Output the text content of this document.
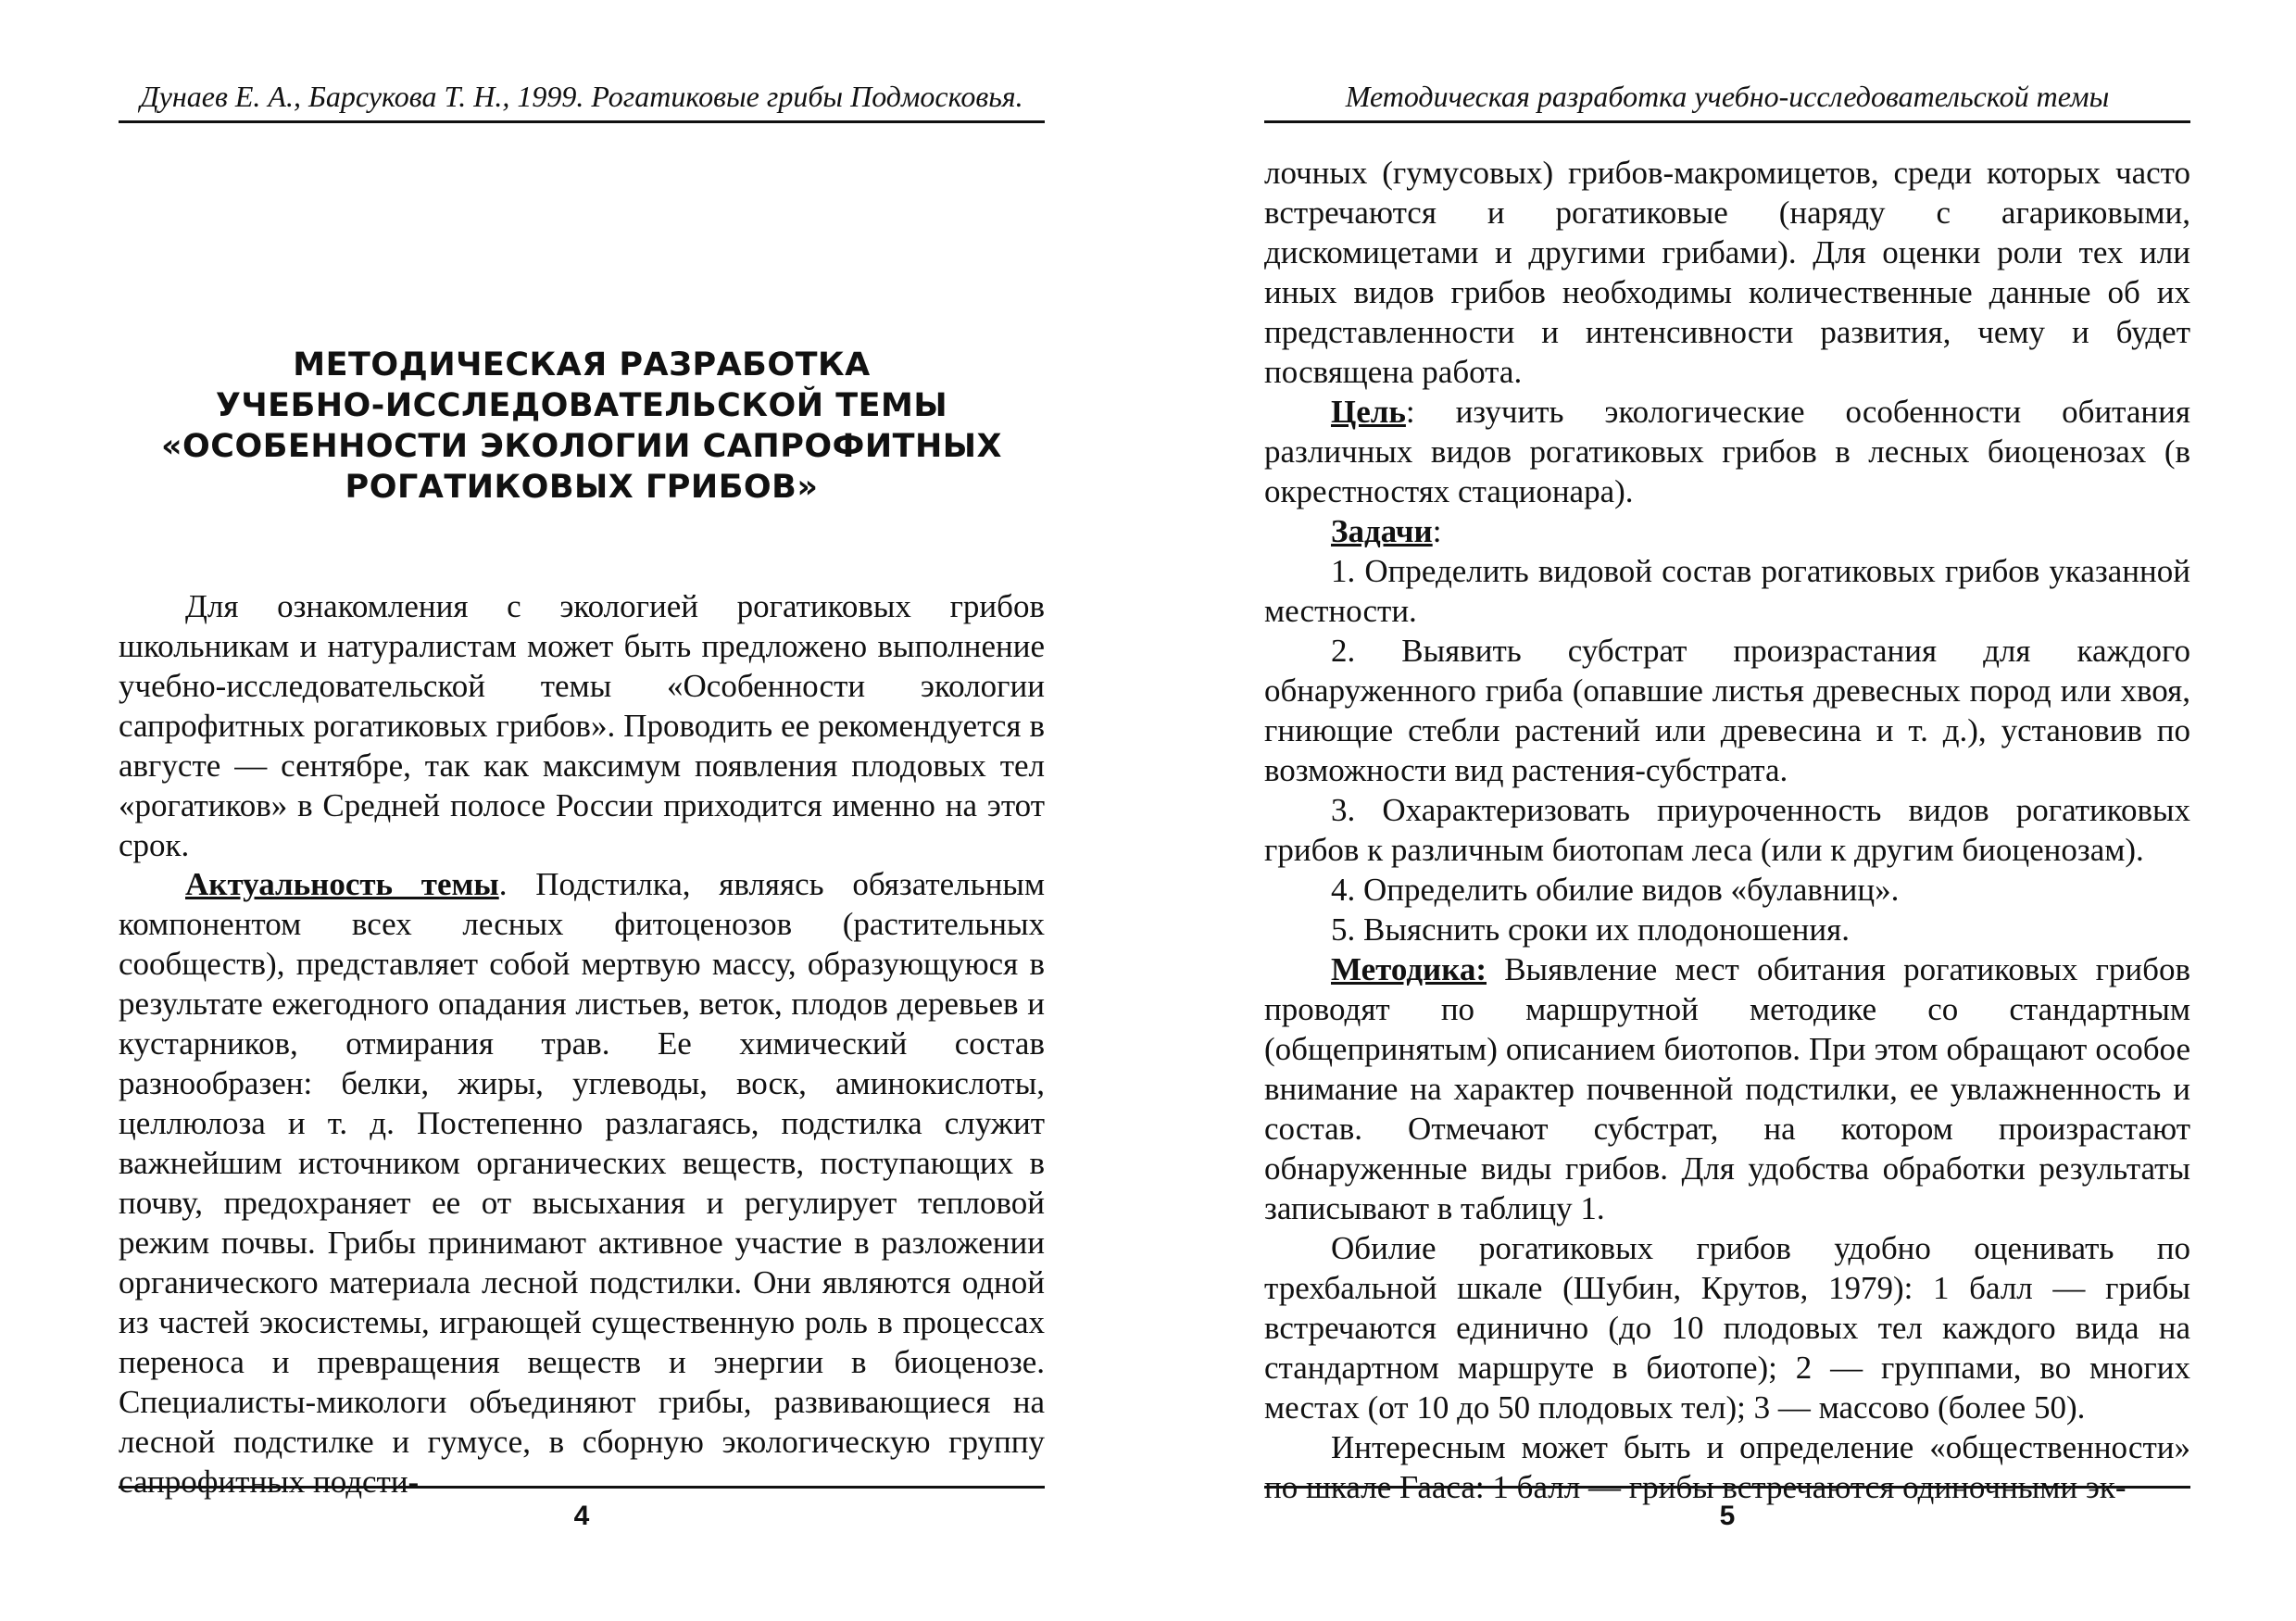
Дунаев Е. А., Барсукова Т. Н., 1999. Рогатиковые грибы Подмосковья.
МЕТОДИЧЕСКАЯ РАЗРАБОТКА
УЧЕБНО-ИССЛЕДОВАТЕЛЬСКОЙ ТЕМЫ
«ОСОБЕННОСТИ ЭКОЛОГИИ САПРОФИТНЫХ
РОГАТИКОВЫХ ГРИБОВ»

Для ознакомления с экологией рогатиковых грибов школьникам и натуралистам может быть предложено выполнение учебно-исследовательской темы «Особенности экологии сапрофитных рогатиковых грибов». Проводить ее рекомендуется в августе — сентябре, так как максимум появления плодовых тел «рогатиков» в Средней полосе России приходится именно на этот срок.

Актуальность темы. Подстилка, являясь обязательным компонентом всех лесных фитоценозов (растительных сообществ), представляет собой мертвую массу, образующуюся в результате ежегодного опадания листьев, веток, плодов деревьев и кустарников, отмирания трав. Ее химический состав разнообразен: белки, жиры, углеводы, воск, аминокислоты, целлюлоза и т. д. Постепенно разлагаясь, подстилка служит важнейшим источником органических веществ, поступающих в почву, предохраняет ее от высыхания и регулирует тепловой режим почвы. Грибы принимают активное участие в разложении органического материала лесной подстилки. Они являются одной из частей экосистемы, играющей существенную роль в процессах переноса и превращения веществ и энергии в биоценозе. Специалисты-микологи объединяют грибы, развивающиеся на лесной подстилке и гумусе, в сборную экологическую группу сапрофитных подсти-

4
Методическая разработка учебно-исследовательской темы

лочных (гумусовых) грибов-макромицетов, среди которых часто встречаются и рогатиковые (наряду с агариковыми, дискомицетами и другими грибами). Для оценки роли тех или иных видов грибов необходимы количественные данные об их представленности и интенсивности развития, чему и будет посвящена работа.

Цель: изучить экологические особенности обитания различных видов рогатиковых грибов в лесных биоценозах (в окрестностях стационара).

Задачи:

1. Определить видовой состав рогатиковых грибов указанной местности.

2. Выявить субстрат произрастания для каждого обнаруженного гриба (опавшие листья древесных пород или хвоя, гниющие стебли растений или древесина и т. д.), установив по возможности вид растения-субстрата.

3. Охарактеризовать приуроченность видов рогатиковых грибов к различным биотопам леса (или к другим биоценозам).

4. Определить обилие видов «булавниц».

5. Выяснить сроки их плодоношения.

Методика: Выявление мест обитания рогатиковых грибов проводят по маршрутной методике со стандартным (общепринятым) описанием биотопов. При этом обращают особое внимание на характер почвенной подстилки, ее увлажненность и состав. Отмечают субстрат, на котором произрастают обнаруженные виды грибов. Для удобства обработки результаты записывают в таблицу 1.

Обилие рогатиковых грибов удобно оценивать по трехбальной шкале (Шубин, Крутов, 1979): 1 балл — грибы встречаются единично (до 10 плодовых тел каждого вида на стандартном маршруте в биотопе); 2 — группами, во многих местах (от 10 до 50 плодовых тел); 3 — массово (более 50).

Интересным может быть и определение «общественности» по шкале Гааса: 1 балл — грибы встречаются одиночными эк-

5
